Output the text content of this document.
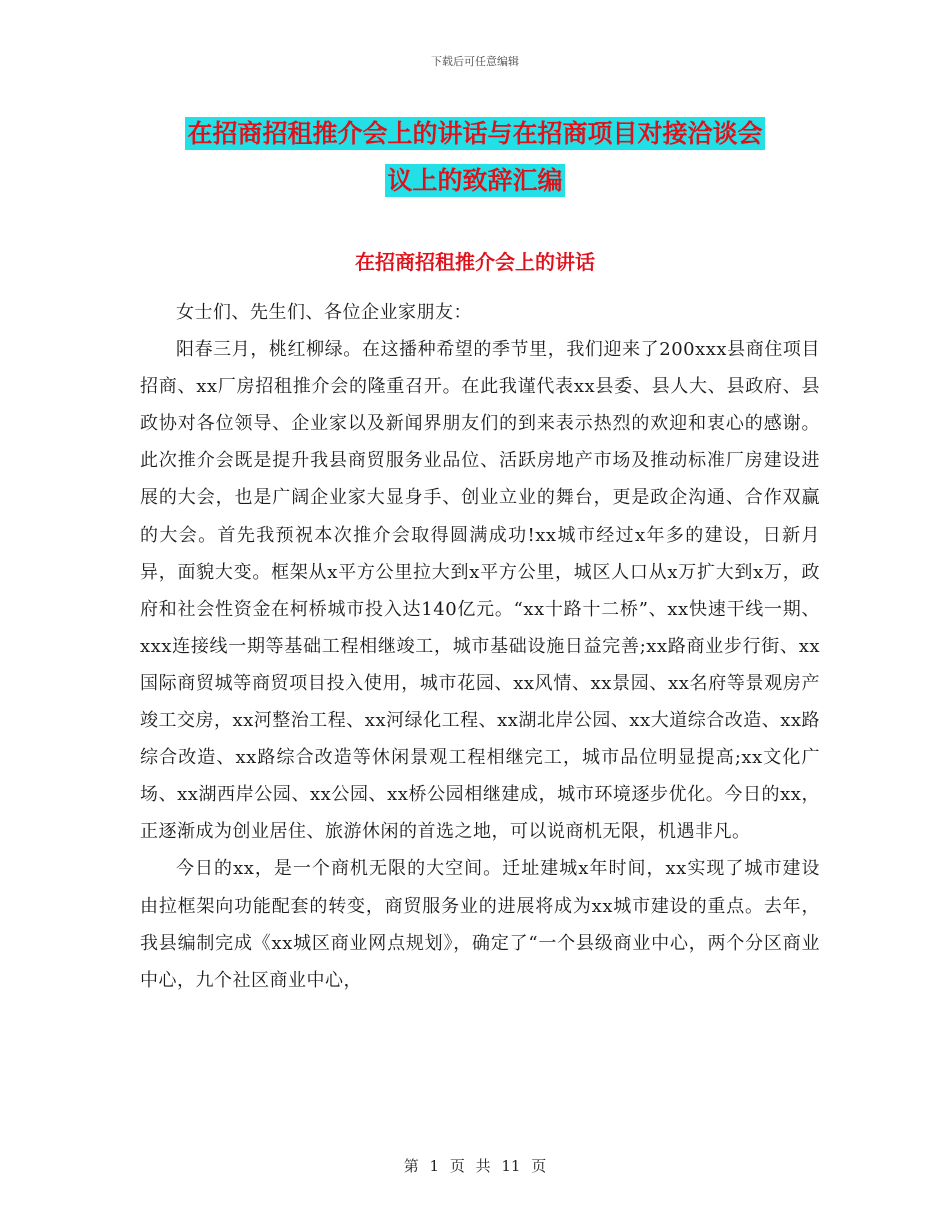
下载后可任意编辑
在招商招租推介会上的讲话与在招商项目对接洽谈会
议上的致辞汇编
在招商招租推介会上的讲话

女士们、先生们、各位企业家朋友：

阳春三月，桃红柳绿。在这播种希望的季节里，我们迎来了200xxx县商住项目招商、xx厂房招租推介会的隆重召开。在此我谨代表xx县委、县人大、县政府、县政协对各位领导、企业家以及新闻界朋友们的到来表示热烈的欢迎和衷心的感谢。此次推介会既是提升我县商贸服务业品位、活跃房地产市场及推动标准厂房建设进展的大会，也是广阔企业家大显身手、创业立业的舞台，更是政企沟通、合作双赢的大会。首先我预祝本次推介会取得圆满成功!xx城市经过x年多的建设，日新月异，面貌大变。框架从x平方公里拉大到x平方公里，城区人口从x万扩大到x万，政府和社会性资金在柯桥城市投入达140亿元。“xx十路十二桥”、xx快速干线一期、xxx连接线一期等基础工程相继竣工，城市基础设施日益完善;xx路商业步行街、xx国际商贸城等商贸项目投入使用，城市花园、xx风情、xx景园、xx名府等景观房产竣工交房，xx河整治工程、xx河绿化工程、xx湖北岸公园、xx大道综合改造、xx路综合改造、xx路综合改造等休闲景观工程相继完工，城市品位明显提高;xx文化广场、xx湖西岸公园、xx公园、xx桥公园相继建成，城市环境逐步优化。今日的xx，正逐渐成为创业居住、旅游休闲的首选之地，可以说商机无限，机遇非凡。

今日的xx，是一个商机无限的大空间。迁址建城x年时间，xx实现了城市建设由拉框架向功能配套的转变，商贸服务业的进展将成为xx城市建设的重点。去年，我县编制完成《xx城区商业网点规划》，确定了“一个县级商业中心，两个分区商业中心，九个社区商业中心，

第 1 页 共 11 页
